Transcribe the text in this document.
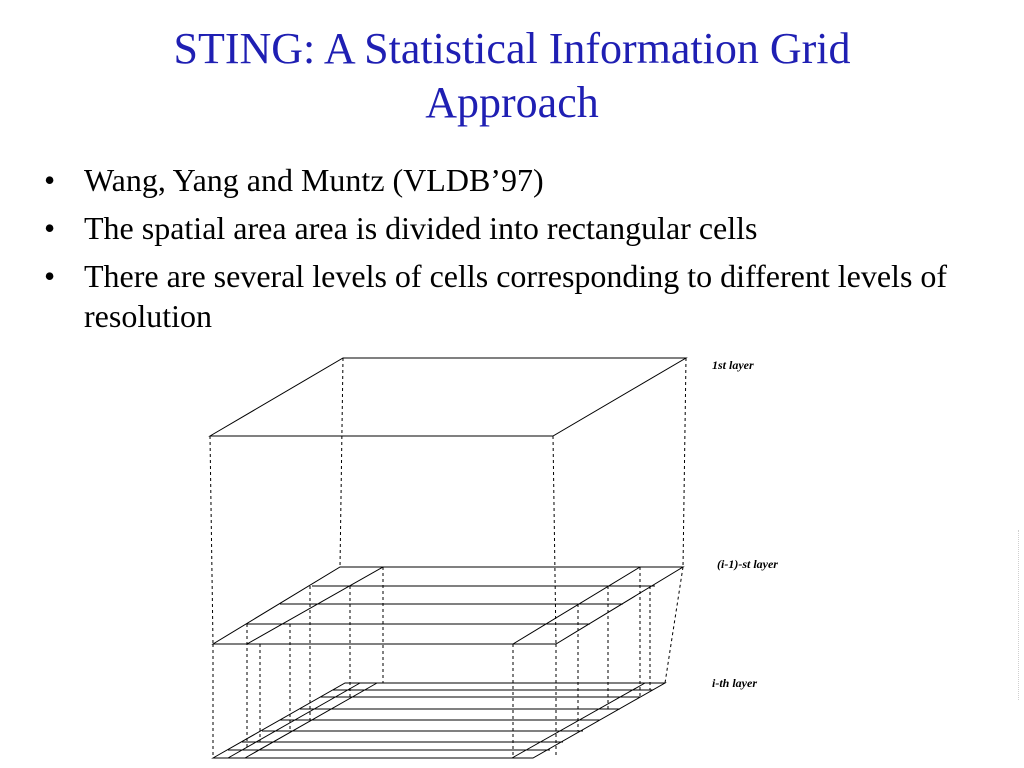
STING: A Statistical Information Grid
Approach
• Wang, Yang and Muntz (VLDB’97)
• The spatial area area is divided into rectangular cells
• There are several levels of cells corresponding to different levels of resolution
1st layer
(i-1)-st layer
i-th layer
